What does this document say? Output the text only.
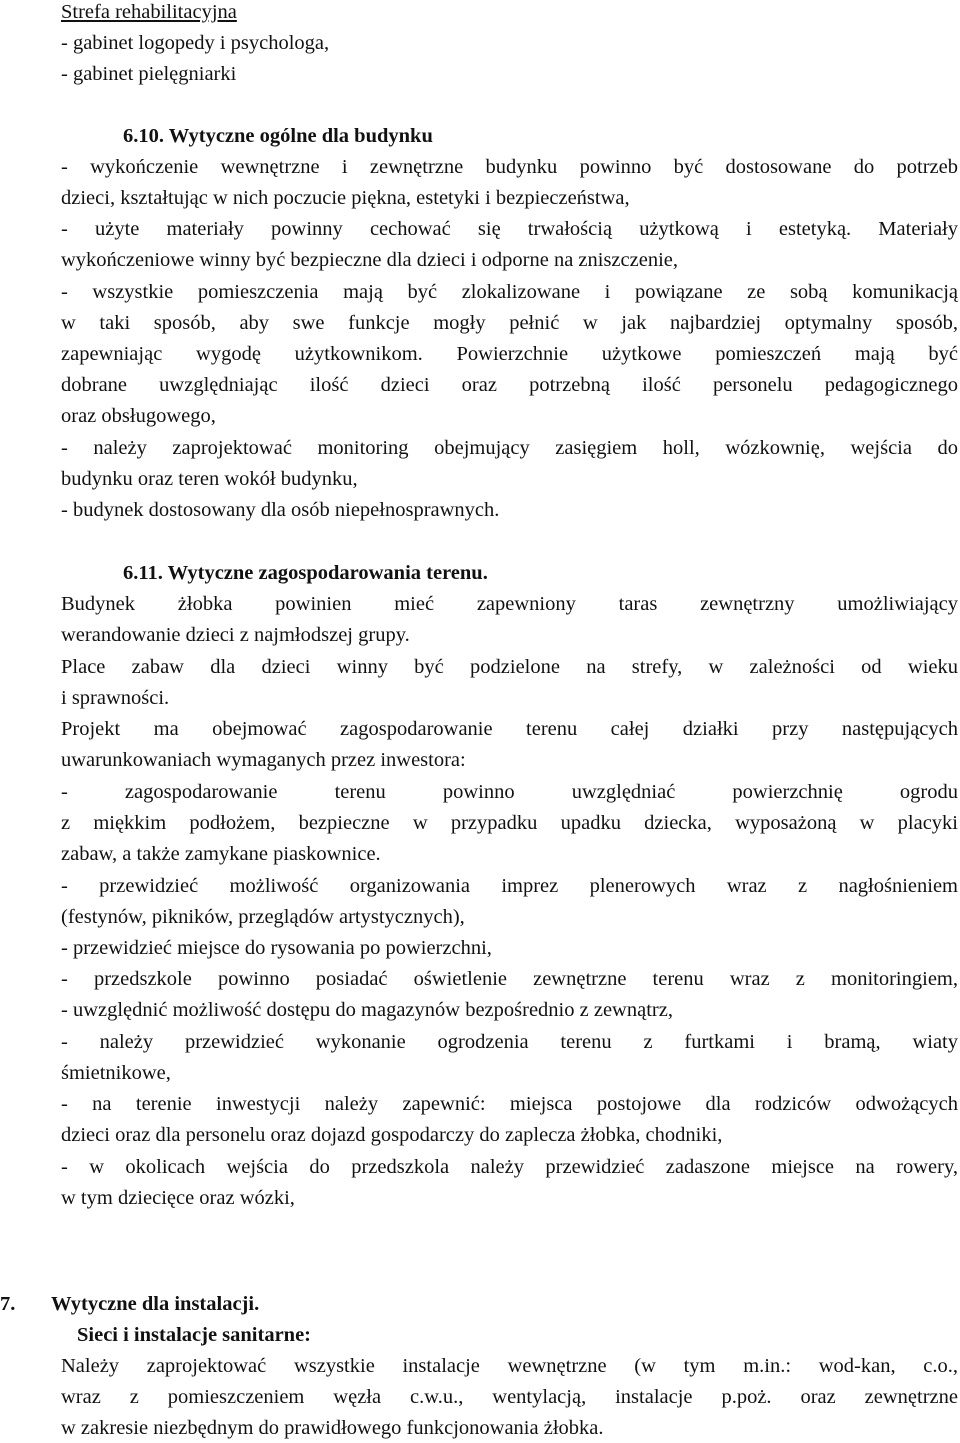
Strefa rehabilitacyjna
- gabinet logopedy i psychologa,
- gabinet pielęgniarki
6.10. Wytyczne ogólne dla budynku
- wykończenie wewnętrzne i zewnętrzne budynku powinno być dostosowane do potrzeb
dzieci, kształtując w nich poczucie piękna, estetyki i bezpieczeństwa,
- użyte materiały powinny cechować się trwałością użytkową i estetyką. Materiały
wykończeniowe winny być bezpieczne dla dzieci i odporne na zniszczenie,
- wszystkie pomieszczenia mają być zlokalizowane i powiązane ze sobą komunikacją
w taki sposób, aby swe funkcje mogły pełnić w jak najbardziej optymalny sposób,
zapewniając wygodę użytkownikom. Powierzchnie użytkowe pomieszczeń mają być
dobrane uwzględniając ilość dzieci oraz potrzebną ilość personelu pedagogicznego
oraz obsługowego,
- należy zaprojektować monitoring obejmujący zasięgiem holl, wózkownię, wejścia do
budynku oraz teren wokół budynku,
- budynek dostosowany dla osób niepełnosprawnych.
6.11. Wytyczne zagospodarowania terenu.
Budynek żłobka powinien mieć zapewniony taras zewnętrzny umożliwiający
werandowanie dzieci z najmłodszej grupy.
Place zabaw dla dzieci winny być podzielone na strefy, w zależności od wieku
i sprawności.
Projekt ma obejmować zagospodarowanie terenu całej działki przy następujących
uwarunkowaniach wymaganych przez inwestora:
- zagospodarowanie terenu powinno uwzględniać powierzchnię ogrodu
z miękkim podłożem, bezpieczne w przypadku upadku dziecka, wyposażoną w placyki
zabaw, a także zamykane piaskownice.
- przewidzieć możliwość organizowania imprez plenerowych wraz z nagłośnieniem
(festynów, pikników, przeglądów artystycznych),
- przewidzieć miejsce do rysowania po powierzchni,
- przedszkole powinno posiadać oświetlenie zewnętrzne terenu wraz z monitoringiem,
- uwzględnić możliwość dostępu do magazynów bezpośrednio z zewnątrz,
- należy przewidzieć wykonanie ogrodzenia terenu z furtkami i bramą, wiaty
śmietnikowe,
- na terenie inwestycji należy zapewnić: miejsca postojowe dla rodziców odwożących
dzieci oraz dla personelu oraz dojazd gospodarczy do zaplecza żłobka, chodniki,
- w okolicach wejścia do przedszkola należy przewidzieć zadaszone miejsce na rowery,
w tym dziecięce oraz wózki,
7. Wytyczne dla instalacji.
Sieci i instalacje sanitarne:
Należy zaprojektować wszystkie instalacje wewnętrzne (w tym m.in.: wod-kan, c.o.,
wraz z pomieszczeniem węzła c.w.u., wentylacją, instalacje p.poż. oraz zewnętrzne
w zakresie niezbędnym do prawidłowego funkcjonowania żłobka.
